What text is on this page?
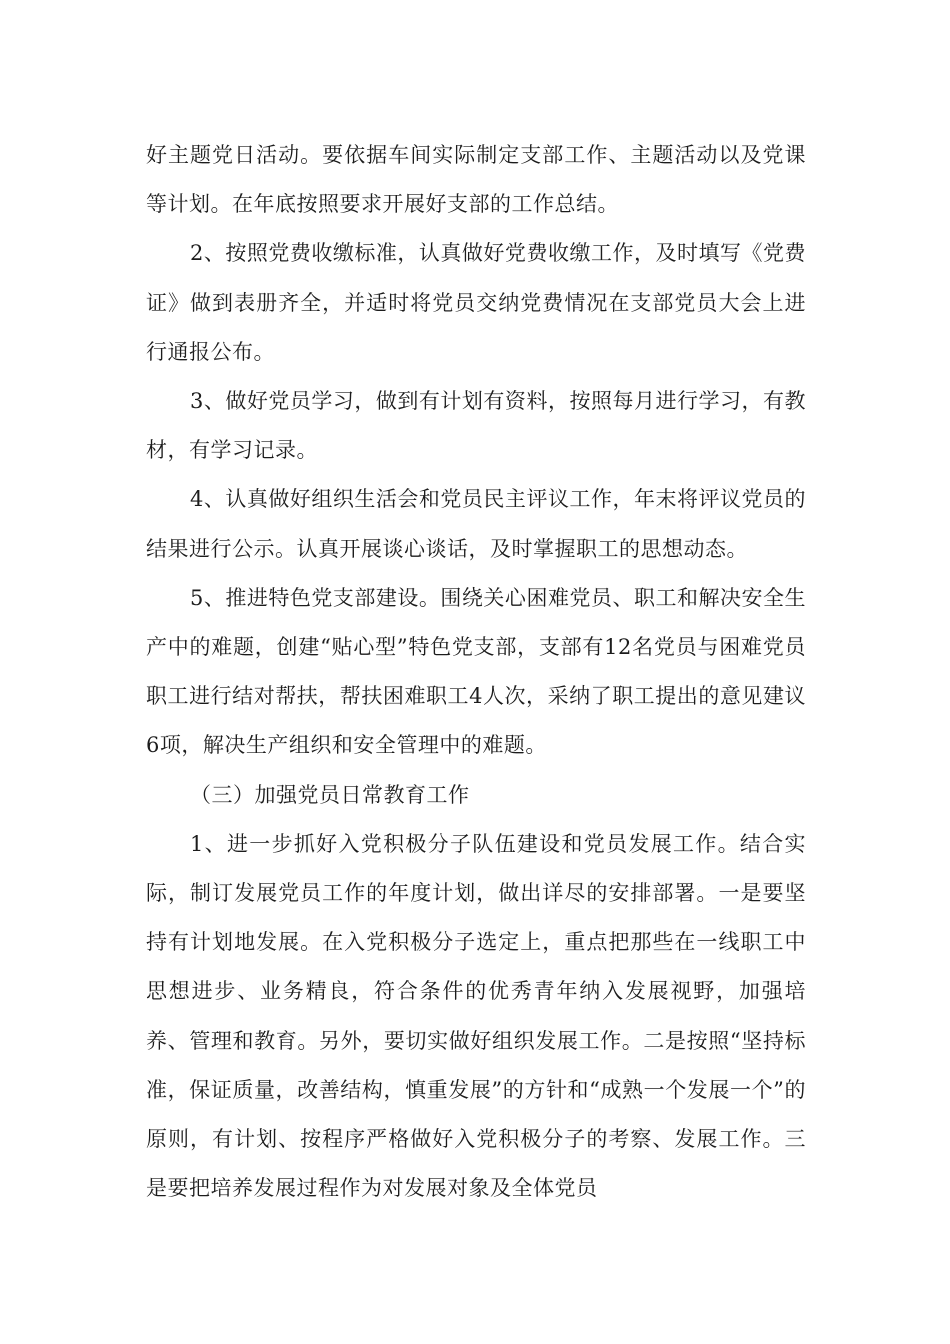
好主题党日活动。要依据车间实际制定支部工作、主题活动以及党课等计划。在年底按照要求开展好支部的工作总结。

2、按照党费收缴标准，认真做好党费收缴工作，及时填写《党费证》做到表册齐全，并适时将党员交纳党费情况在支部党员大会上进行通报公布。

3、做好党员学习，做到有计划有资料，按照每月进行学习，有教材，有学习记录。

4、认真做好组织生活会和党员民主评议工作，年末将评议党员的结果进行公示。认真开展谈心谈话，及时掌握职工的思想动态。

5、推进特色党支部建设。围绕关心困难党员、职工和解决安全生产中的难题，创建“贴心型”特色党支部，支部有12名党员与困难党员职工进行结对帮扶，帮扶困难职工4人次，采纳了职工提出的意见建议6项，解决生产组织和安全管理中的难题。

（三）加强党员日常教育工作

1、进一步抓好入党积极分子队伍建设和党员发展工作。结合实际，制订发展党员工作的年度计划，做出详尽的安排部署。一是要坚持有计划地发展。在入党积极分子选定上，重点把那些在一线职工中思想进步、业务精良，符合条件的优秀青年纳入发展视野，加强培养、管理和教育。另外，要切实做好组织发展工作。二是按照“坚持标准，保证质量，改善结构，慎重发展”的方针和“成熟一个发展一个”的原则，有计划、按程序严格做好入党积极分子的考察、发展工作。三是要把培养发展过程作为对发展对象及全体党员
